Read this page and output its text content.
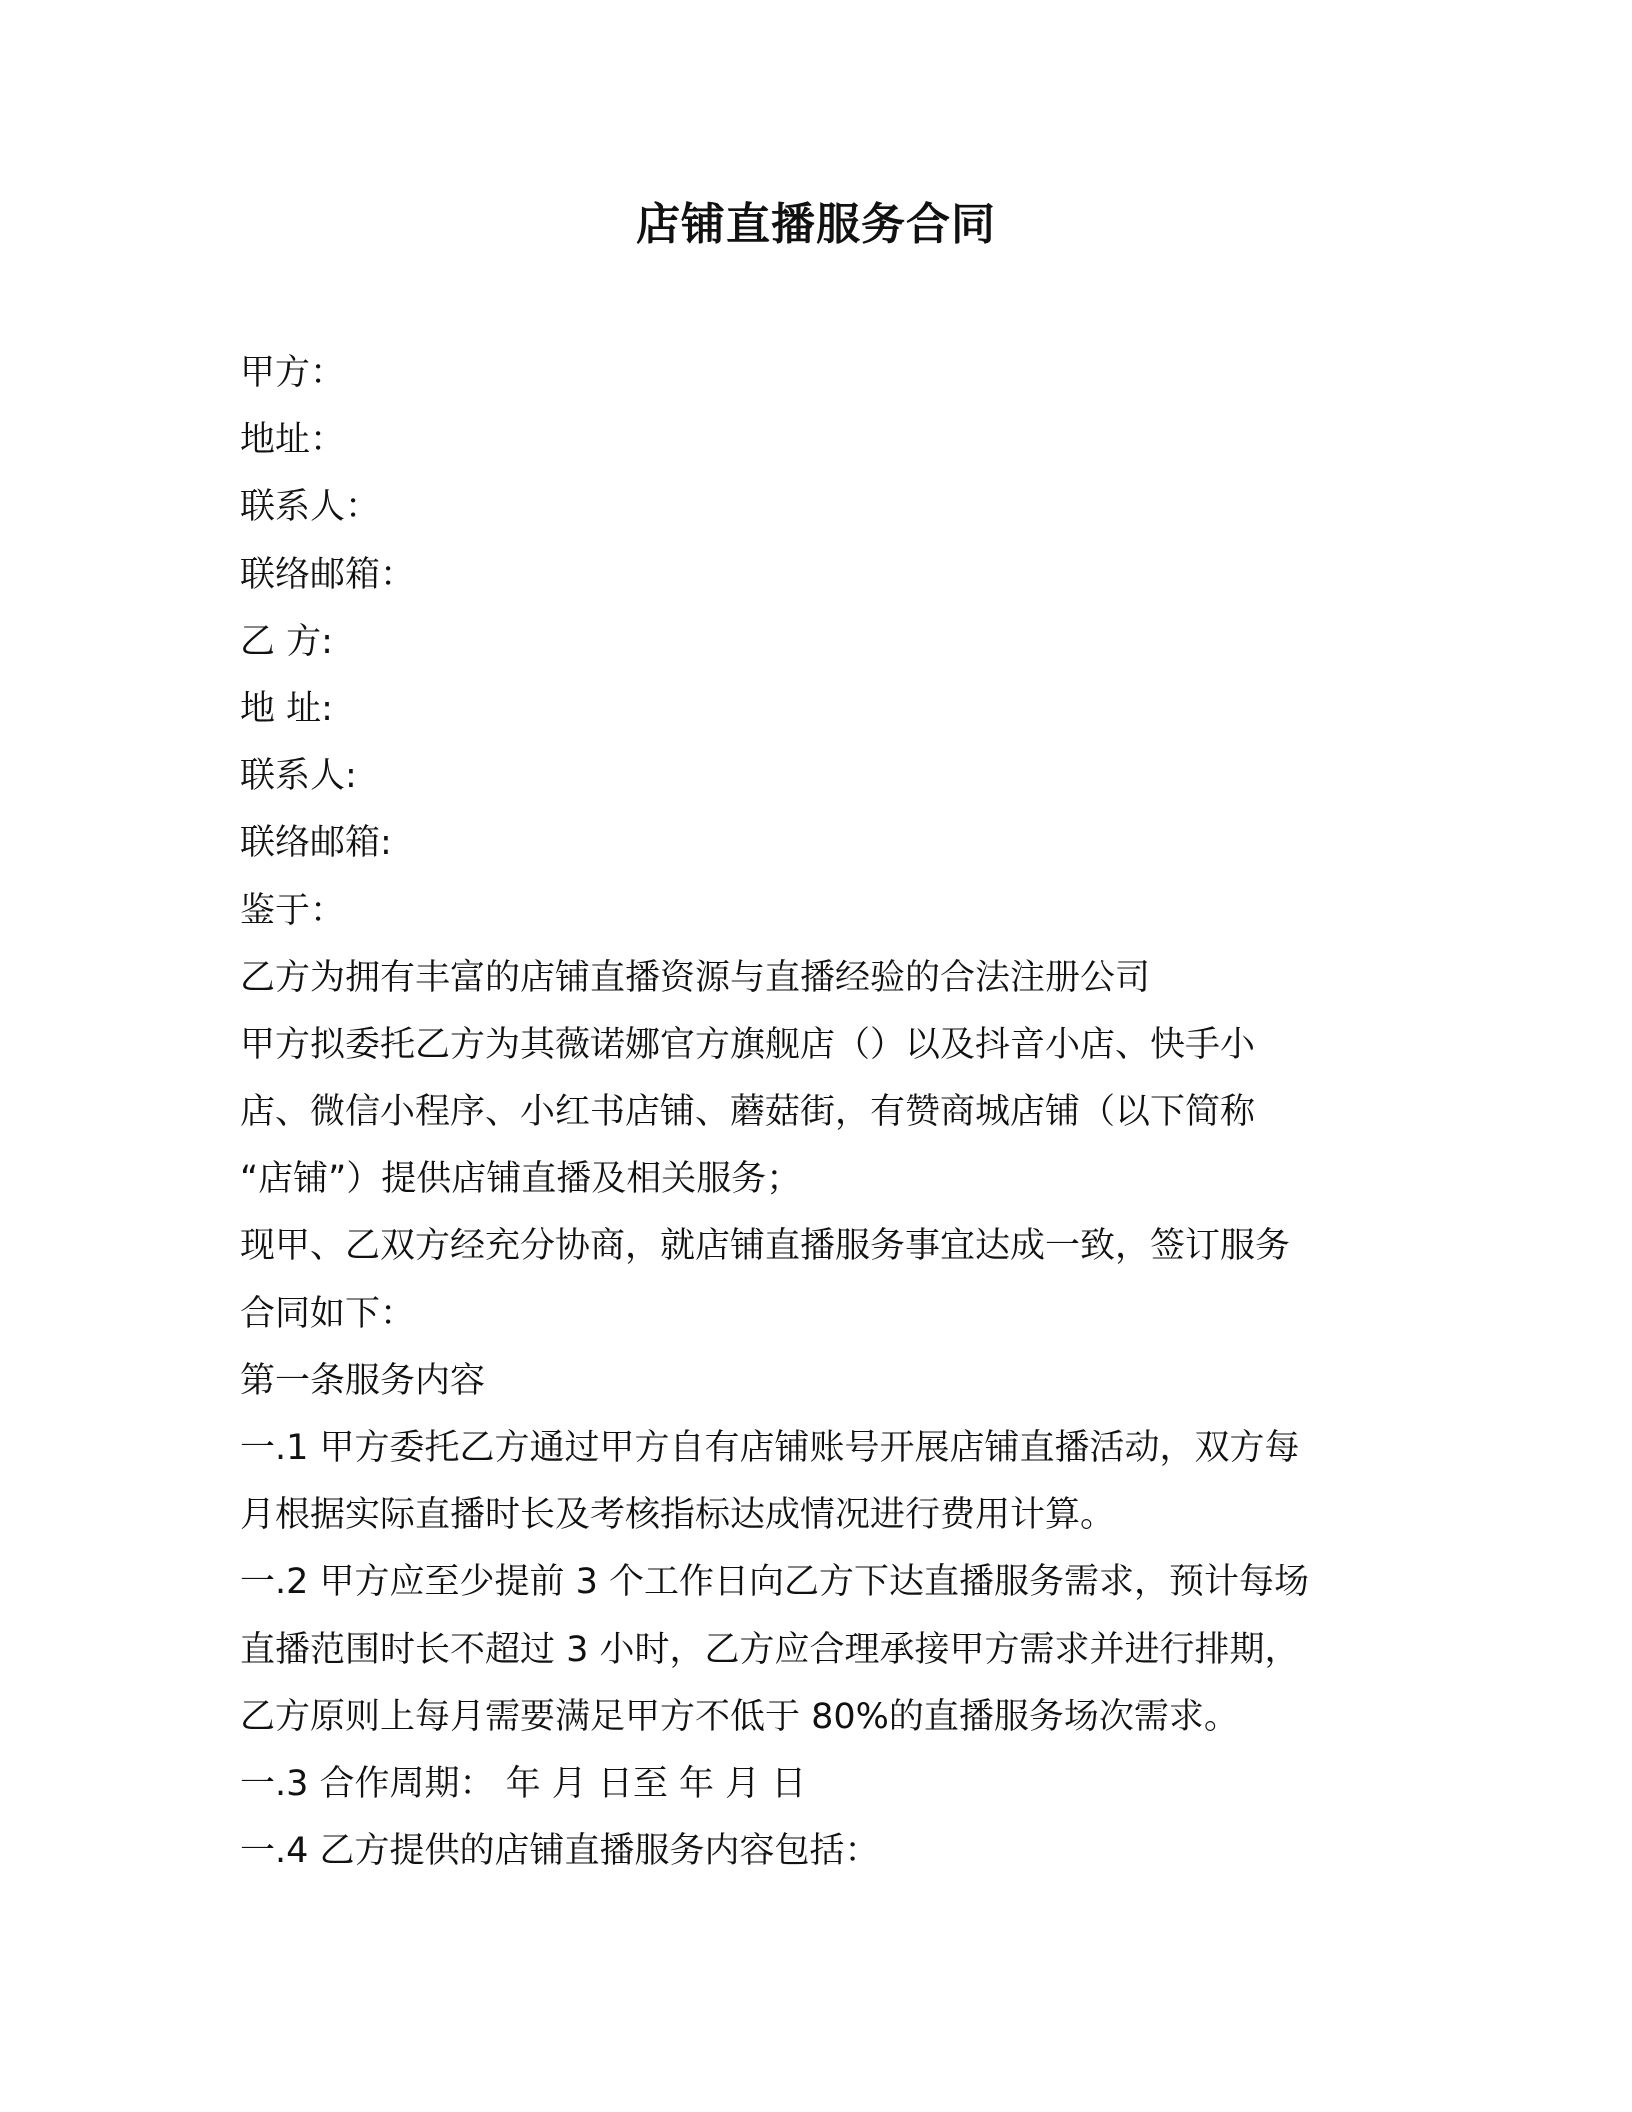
店铺直播服务合同

甲方：

地址：

联系人：

联络邮箱：

乙 方:

地 址:

联系人:

联络邮箱:

鉴于：

乙方为拥有丰富的店铺直播资源与直播经验的合法注册公司

甲方拟委托乙方为其薇诺娜官方旗舰店（）以及抖音小店、快手小

店、微信小程序、小红书店铺、蘑菇街，有赞商城店铺（以下简称

“店铺”）提供店铺直播及相关服务；

现甲、乙双方经充分协商，就店铺直播服务事宜达成一致，签订服务

合同如下：

第一条服务内容

一.1 甲方委托乙方通过甲方自有店铺账号开展店铺直播活动，双方每

月根据实际直播时长及考核指标达成情况进行费用计算。

一.2 甲方应至少提前 3 个工作日向乙方下达直播服务需求，预计每场

直播范围时长不超过 3 小时，乙方应合理承接甲方需求并进行排期，

乙方原则上每月需要满足甲方不低于 80%的直播服务场次需求。

一.3 合作周期： 年 月 日至 年 月 日

一.4 乙方提供的店铺直播服务内容包括：
